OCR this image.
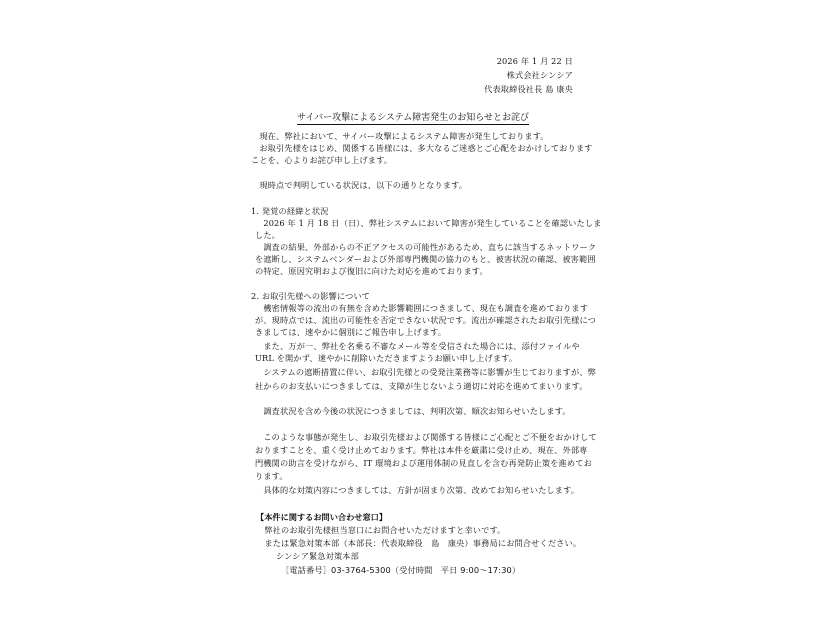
2026 年 1 月 22 日
株式会社シンシア
代表取締役社長 島 康央
サイバー攻撃によるシステム障害発生のお知らせとお詫び
　現在、弊社において、サイバー攻撃によるシステム障害が発生しております。
　お取引先様をはじめ、関係する皆様には、多大なるご迷惑とご心配をおかけしております
ことを、心よりお詫び申し上げます。
　現時点で判明している状況は、以下の通りとなります。
1. 発覚の経緯と状況
　2026 年 1 月 18 日（日）、弊社システムにおいて障害が発生していることを確認いたしま
した。
　調査の結果、外部からの不正アクセスの可能性があるため、直ちに該当するネットワーク
を遮断し、システムベンダーおよび外部専門機関の協力のもと、被害状況の確認、被害範囲
の特定、原因究明および復旧に向けた対応を進めております。
2. お取引先様への影響について
　機密情報等の流出の有無を含めた影響範囲につきまして、現在も調査を進めております
が、現時点では、流出の可能性を否定できない状況です。流出が確認されたお取引先様につ
きましては、速やかに個別にご報告申し上げます。
　また、万が一、弊社を名乗る不審なメール等を受信された場合には、添付ファイルや
URL を開かず、速やかに削除いただきますようお願い申し上げます。
　システムの遮断措置に伴い、お取引先様との受発注業務等に影響が生じておりますが、弊
社からのお支払いにつきましては、支障が生じないよう適切に対応を進めてまいります。
　調査状況を含め今後の状況につきましては、判明次第、順次お知らせいたします。
　このような事態が発生し、お取引先様および関係する皆様にご心配とご不便をおかけして
おりますことを、重く受け止めております。弊社は本件を厳粛に受け止め、現在、外部専
門機関の助言を受けながら、IT 環境および運用体制の見直しを含む再発防止策を進めてお
ります。
　具体的な対策内容につきましては、方針が固まり次第、改めてお知らせいたします。
【本件に関するお問い合わせ窓口】
　弊社のお取引先様担当窓口にお問合せいただけますと幸いです。
　または緊急対策本部（本部長：代表取締役　島　康央）事務局にお問合せください。
シンシア緊急対策本部
［電話番号］ 03-3764-5300（受付時間　平日 9:00～17:30）
